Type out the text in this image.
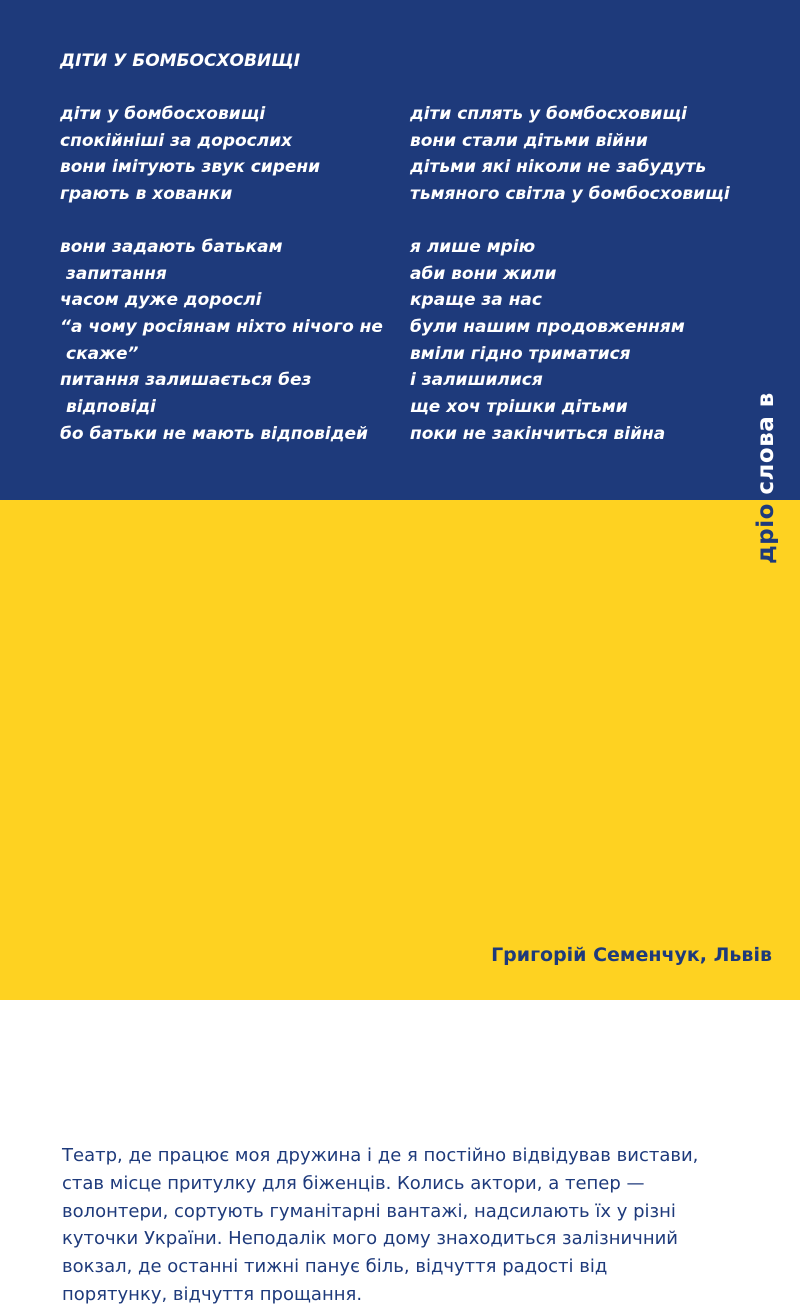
ДІТИ У БОМБОСХОВИЩІ
діти у бомбосховищі
спокійніші за дорослих
вони імітують звук сирени
грають в хованки
вони задають батькам
запитання
часом дуже дорослі
“а чому росіянам ніхто нічого не
скаже”
питання залишається без
відповіді
бо батьки не мають відповідей
діти сплять у бомбосховищі
вони стали дітьми війни
дітьми які ніколи не забудуть
тьмяного світла у бомбосховищі
я лише мрію
аби вони жили
краще за нас
були нашим продовженням
вміли гідно триматися
і залишилися
ще хоч трішки дітьми
поки не закінчиться війна
Театр, де працює моя дружина і де я постійно відвідував вистави,
став місце притулку для біженців. Колись актори, а тепер —
волонтери, сортують гуманітарні вантажі, надсилають їх у різні
куточки України. Неподалік мого дому знаходиться залізничний
вокзал, де останні тижні панує біль, відчуття радості від
порятунку, відчуття прощання.
дріо слова в

Григорій Семенчук, Львів
